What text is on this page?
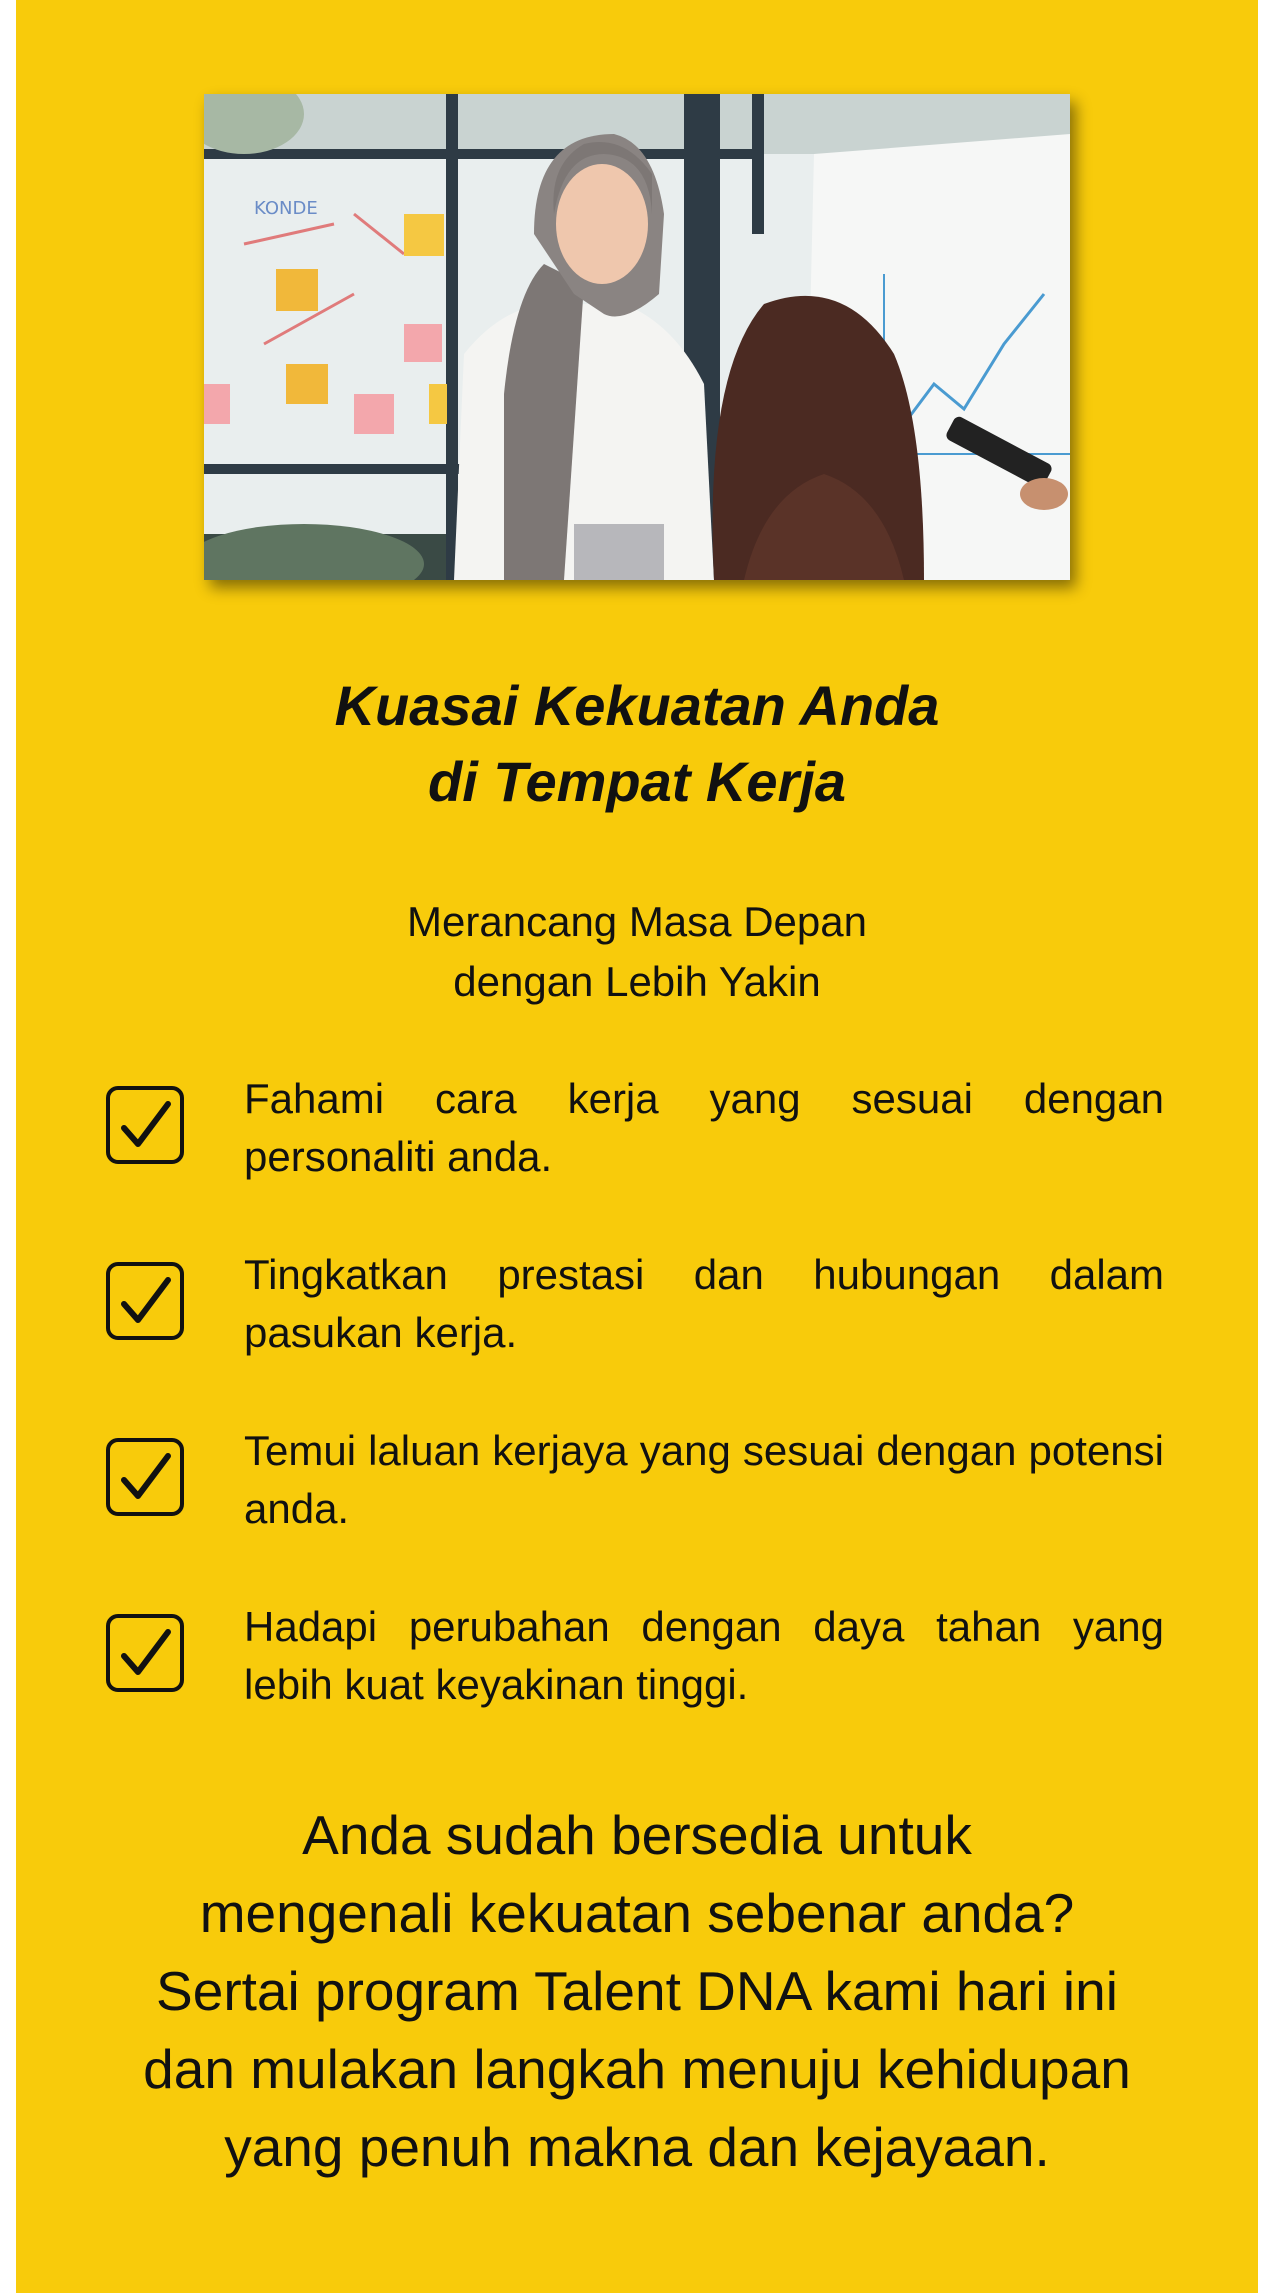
KONDE
Kuasai Kekuatan Anda
di Tempat Kerja
Merancang Masa Depan
dengan Lebih Yakin
Fahami cara kerja yang sesuai dengan personaliti anda.
Tingkatkan prestasi dan hubungan dalam pasukan kerja.
Temui laluan kerjaya yang sesuai dengan potensi anda.
Hadapi perubahan dengan daya tahan yang lebih kuat keyakinan tinggi.
Anda sudah bersedia untuk
mengenali kekuatan sebenar anda?
Sertai program Talent DNA kami hari ini
dan mulakan langkah menuju kehidupan
yang penuh makna dan kejayaan.
